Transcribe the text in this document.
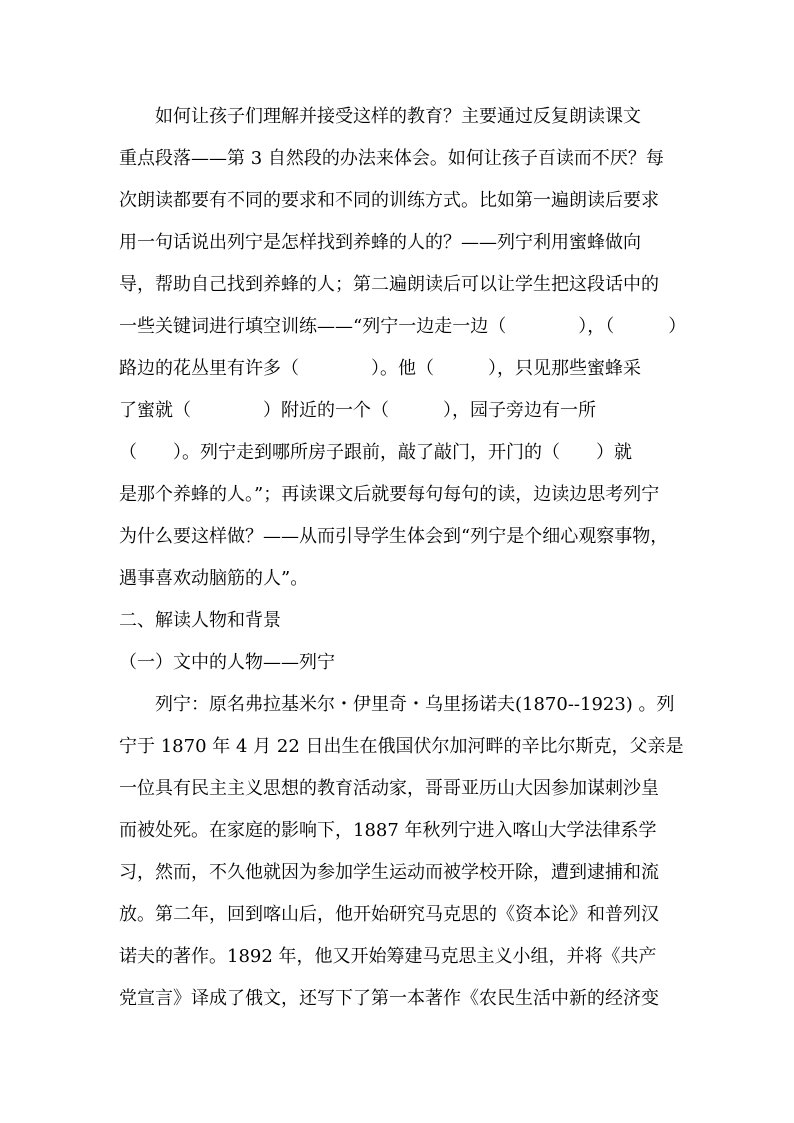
　　如何让孩子们理解并接受这样的教育？主要通过反复朗读课文
重点段落——第 3 自然段的办法来体会。如何让孩子百读而不厌？每
次朗读都要有不同的要求和不同的训练方式。比如第一遍朗读后要求
用一句话说出列宁是怎样找到养蜂的人的？——列宁利用蜜蜂做向
导，帮助自己找到养蜂的人；第二遍朗读后可以让学生把这段话中的
一些关键词进行填空训练——“列宁一边走一边（　　　　），（　　　）
路边的花丛里有许多（　　　　）。他（　　　），只见那些蜜蜂采
了蜜就（　　　　）附近的一个（　　　），园子旁边有一所
（　　）。列宁走到哪所房子跟前，敲了敲门，开门的（　　）就
是那个养蜂的人。”；再读课文后就要每句每句的读，边读边思考列宁
为什么要这样做？——从而引导学生体会到“列宁是个细心观察事物，
遇事喜欢动脑筋的人”。
二、解读人物和背景
（一）文中的人物——列宁
　　列宁：原名弗拉基米尔・伊里奇・乌里扬诺夫(1870--1923) 。列
宁于 1870 年 4 月 22 日出生在俄国伏尔加河畔的辛比尔斯克，父亲是
一位具有民主主义思想的教育活动家，哥哥亚历山大因参加谋刺沙皇
而被处死。在家庭的影响下，1887 年秋列宁进入喀山大学法律系学
习，然而，不久他就因为参加学生运动而被学校开除，遭到逮捕和流
放。第二年，回到喀山后，他开始研究马克思的《资本论》和普列汉
诺夫的著作。1892 年，他又开始筹建马克思主义小组，并将《共产
党宣言》译成了俄文，还写下了第一本著作《农民生活中新的经济变
